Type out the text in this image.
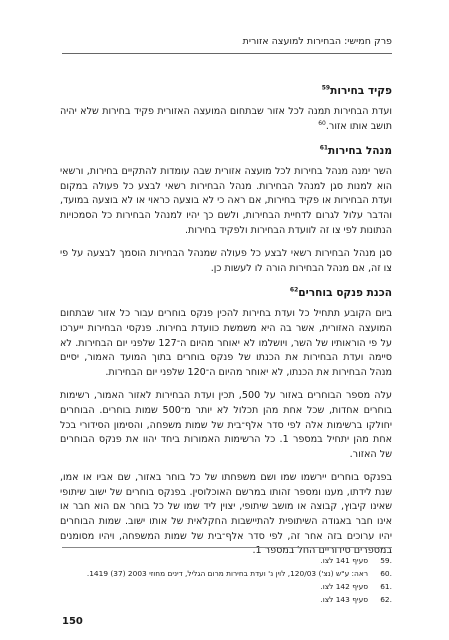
פרק חמישי: הבחירות למועצה אזורית
פקיד בחירות$^{59}$

ועדת הבחירות תמנה לכל אזור שבתחום המועצה האזורית פקיד בחירות שלא יהיה תושב אותו אזור.$^{60}$

מנהל בחירות$^{61}$

השר ימנה מנהל בחירות לכל מועצה אזורית שבה עומדות להתקיים בחירות, ורשאי הוא למנות סגן למנהל הבחירות. מנהל הבחירות רשאי לבצע כל פעולה במקום ועדת הבחירות או פקיד בחירות, אם ראה כי לא בוצעה כראוי או לא בוצעה במועד, והדבר עלול לגרום לדחיית הבחירות, ולשם כך יהיו למנהל הבחירות כל הסמכויות הנתונות לפי צו זה לוועדת הבחירות ולפקיד בחירות.

סגן מנהל הבחירות רשאי לבצע כל פעולה שמנהל הבחירות הוסמך לבצעה על פי צו זה, אם מנהל הבחירות הורה לו לעשות כן.

הכנת פנקס בוחרים$^{62}$

ביום הקובע תתחיל כל ועדת בחירות להכין פנקס בוחרים עבור כל אזור שבתחום המועצה האזורית, אשר בה היא משמשת כוועדת בחירות. פנקסי הבחירות ייערכו על פי הוראותיו של השר, ויושלמו לא יאוחר מהיום ה־127 שלפני יום הבחירות. לא סיימה ועדת הבחירות את הכנתו של פנקס בוחרים בתוך המועד האמור, יסיים מנהל הבחירות את הכנתו, לא יאוחר מהיום ה־120 שלפני יום הבחירות.

עלה מספר הבוחרים באזור על 500, תכין ועדת הבחירות לאזור האמור, רשימות בוחרים אחדות, שכל אחת מהן תכלול לא יותר מ־500 שמות בוחרים. הבוחרים יחולקו ברשימות אלה לפי סדר אלף־בית של שמות משפחה, והסימון הסידורי בכל אחת מהן יתחיל במספר 1. כל הרשימות האמורות ביחד יהוו את פנקס הבוחרים של האזור.

בפנקס בוחרים יירשמו שמו ושם משפחתו של כל בוחר באזור, שם אביו או אמו, שנת לידתו, מענו ומספר זהותו במרשם האוכלוסין. בפנקס בוחרים של ישוב שיתופי שאינו קיבוץ, קבוצה או מושב שיתופי, יצוין ליד שמו של כל בוחר אם הוא חבר או אינו חבר באגודה השיתופית להתיישבות החקלאית של אותו ישוב. שמות הבוחרים יהיו ערוכים בזה אחר זה, לפי סדר אלף־בית של שמות המשפחה, ויהיו מסומנים במספרים סידוריים החל במספר 1.

.59
סעיף 141 לצו.
.60
ראה: ע"ש (נצ') 120/03, לוין נ' ועדת בחירות מרום הגליל, דינים מחוזי 2003 (37) 1419.
.61
סעיף 142 לצו.
.62
סעיף 143 לצו.
150
